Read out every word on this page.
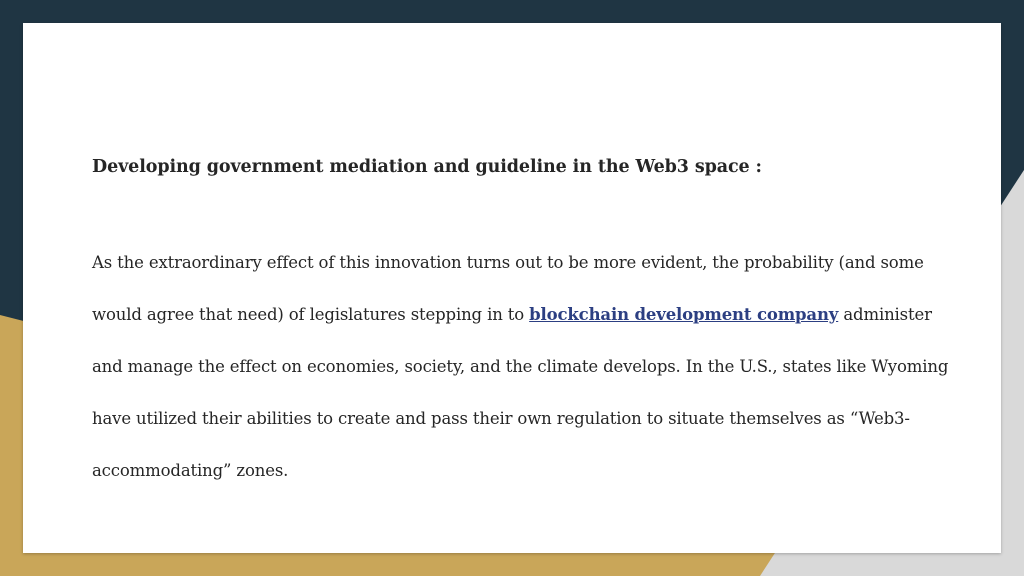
Developing government mediation and guideline in the Web3 space :

As the extraordinary effect of this innovation turns out to be more evident, the probability (and some would agree that need) of legislatures stepping in to blockchain development company administer and manage the effect on economies, society, and the climate develops. In the U.S., states like Wyoming have utilized their abilities to create and pass their own regulation to situate themselves as “Web3-accommodating” zones.
